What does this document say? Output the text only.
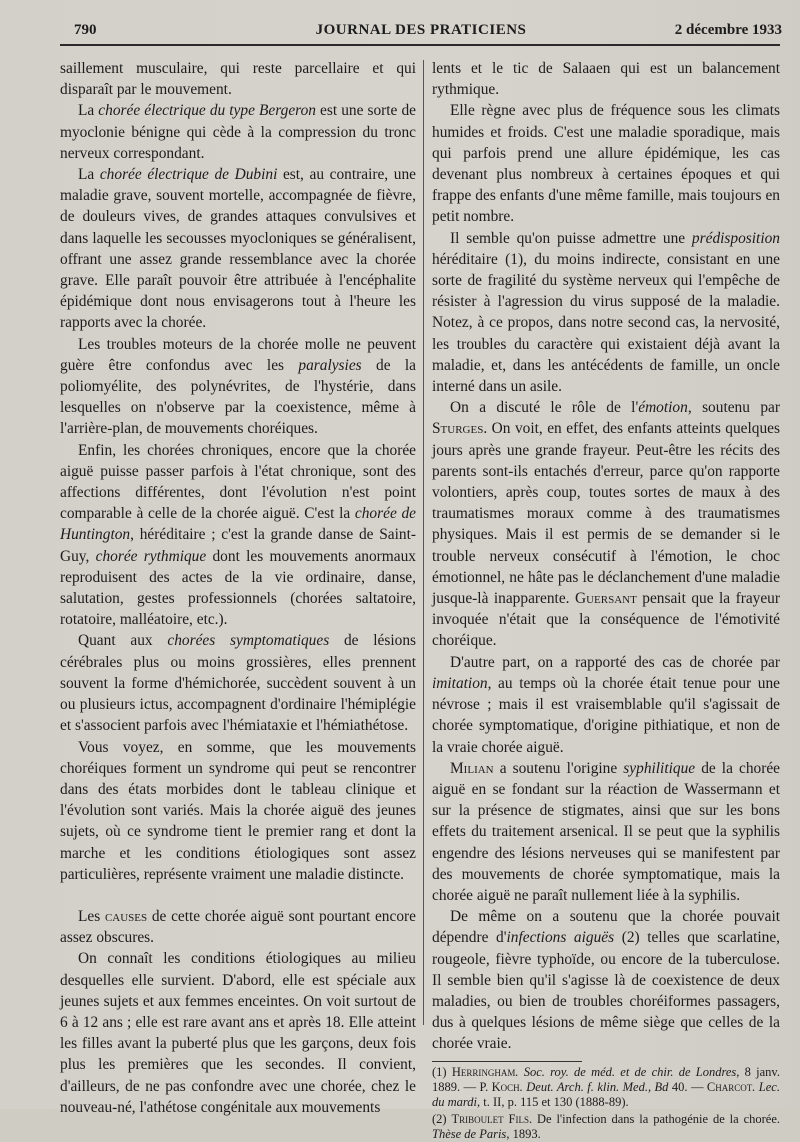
790	JOURNAL DES PRATICIENS	2 décembre 1933

saillement musculaire, qui reste parcellaire et qui disparaît par le mouvement.

La chorée électrique du type Bergeron est une sorte de myoclonie bénigne qui cède à la compression du tronc nerveux correspondant.

La chorée électrique de Dubini est, au contraire, une maladie grave, souvent mortelle, accompagnée de fièvre, de douleurs vives, de grandes attaques convulsives et dans laquelle les secousses myocloniques se généralisent, offrant une assez grande ressemblance avec la chorée grave. Elle paraît pouvoir être attribuée à l'encéphalite épidémique dont nous envisagerons tout à l'heure les rapports avec la chorée.

Les troubles moteurs de la chorée molle ne peuvent guère être confondus avec les paralysies de la poliomyélite, des polynévrites, de l'hystérie, dans lesquelles on n'observe par la coexistence, même à l'arrière-plan, de mouvements choréiques.

Enfin, les chorées chroniques, encore que la chorée aiguë puisse passer parfois à l'état chronique, sont des affections différentes, dont l'évolution n'est point comparable à celle de la chorée aiguë. C'est la chorée de Huntington, héréditaire ; c'est la grande danse de Saint-Guy, chorée rythmique dont les mouvements anormaux reproduisent des actes de la vie ordinaire, danse, salutation, gestes professionnels (chorées saltatoire, rotatoire, malléatoire, etc.).

Quant aux chorées symptomatiques de lésions cérébrales plus ou moins grossières, elles prennent souvent la forme d'hémichorée, succèdent souvent à un ou plusieurs ictus, accompagnent d'ordinaire l'hémiplégie et s'associent parfois avec l'hémiataxie et l'hémiathétose.

Vous voyez, en somme, que les mouvements choréiques forment un syndrome qui peut se rencontrer dans des états morbides dont le tableau clinique et l'évolution sont variés. Mais la chorée aiguë des jeunes sujets, où ce syndrome tient le premier rang et dont la marche et les conditions étiologiques sont assez particulières, représente vraiment une maladie distincte.

Les causes de cette chorée aiguë sont pourtant encore assez obscures.

On connaît les conditions étiologiques au milieu desquelles elle survient. D'abord, elle est spéciale aux jeunes sujets et aux femmes enceintes. On voit surtout de 6 à 12 ans ; elle est rare avant ans et après 18. Elle atteint les filles avant la puberté plus que les garçons, deux fois plus les premières que les secondes. Il convient, d'ailleurs, de ne pas confondre avec une chorée, chez le nouveau-né, l'athétose congénitale aux mouvements

lents et le tic de Salaaen qui est un balancement rythmique.

Elle règne avec plus de fréquence sous les climats humides et froids. C'est une maladie sporadique, mais qui parfois prend une allure épidémique, les cas devenant plus nombreux à certaines époques et qui frappe des enfants d'une même famille, mais toujours en petit nombre.

Il semble qu'on puisse admettre une prédisposition héréditaire (1), du moins indirecte, consistant en une sorte de fragilité du système nerveux qui l'empêche de résister à l'agression du virus supposé de la maladie. Notez, à ce propos, dans notre second cas, la nervosité, les troubles du caractère qui existaient déjà avant la maladie, et, dans les antécédents de famille, un oncle interné dans un asile.

On a discuté le rôle de l'émotion, soutenu par Sturges. On voit, en effet, des enfants atteints quelques jours après une grande frayeur. Peut-être les récits des parents sont-ils entachés d'erreur, parce qu'on rapporte volontiers, après coup, toutes sortes de maux à des traumatismes moraux comme à des traumatismes physiques. Mais il est permis de se demander si le trouble nerveux consécutif à l'émotion, le choc émotionnel, ne hâte pas le déclanchement d'une maladie jusque-là inapparente. Guersant pensait que la frayeur invoquée n'était que la conséquence de l'émotivité choréique.

D'autre part, on a rapporté des cas de chorée par imitation, au temps où la chorée était tenue pour une névrose ; mais il est vraisemblable qu'il s'agissait de chorée symptomatique, d'origine pithiatique, et non de la vraie chorée aiguë.

Milian a soutenu l'origine syphilitique de la chorée aiguë en se fondant sur la réaction de Wassermann et sur la présence de stigmates, ainsi que sur les bons effets du traitement arsenical. Il se peut que la syphilis engendre des lésions nerveuses qui se manifestent par des mouvements de chorée symptomatique, mais la chorée aiguë ne paraît nullement liée à la syphilis.

De même on a soutenu que la chorée pouvait dépendre d'infections aiguës (2) telles que scarlatine, rougeole, fièvre typhoïde, ou encore de la tuberculose. Il semble bien qu'il s'agisse là de coexistence de deux maladies, ou bien de troubles choréiformes passagers, dus à quelques lésions de même siège que celles de la chorée vraie.

(1) Herringham. Soc. roy. de méd. et de chir. de Londres, 8 janv. 1889. — P. Koch. Deut. Arch. f. klin. Med., Bd 40. — Charcot. Lec. du mardi, t. II, p. 115 et 130 (1888-89).

(2) Triboulet Fils. De l'infection dans la pathogénie de la chorée. Thèse de Paris, 1893.
